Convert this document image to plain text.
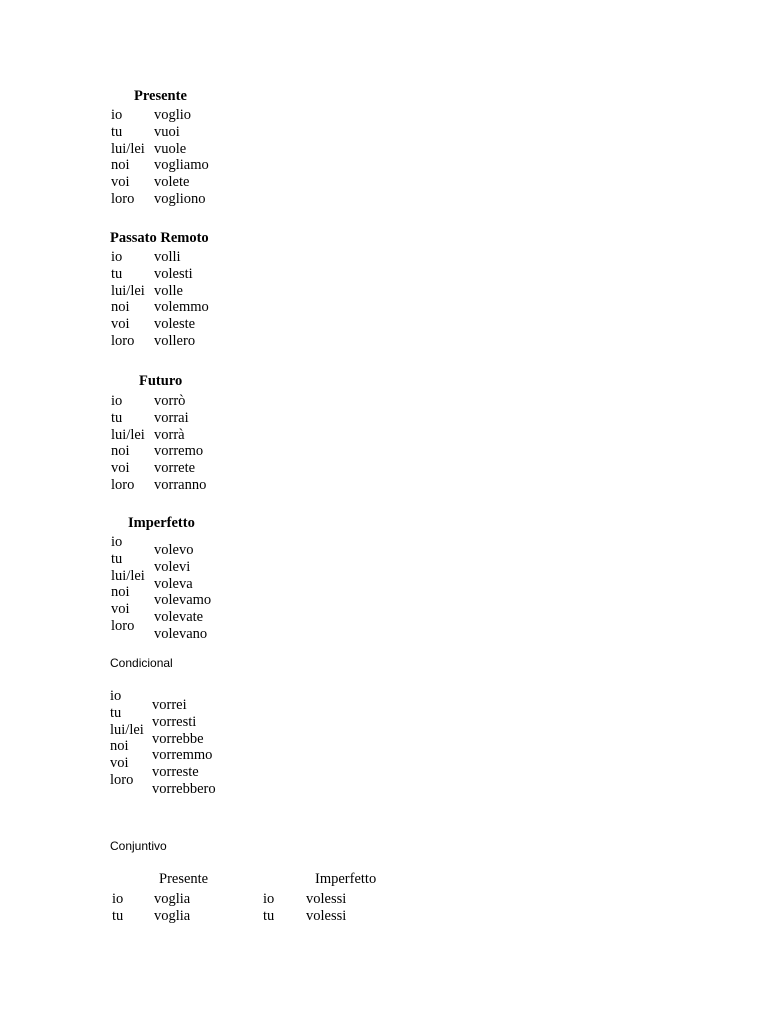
Presente
io
tu
lui/lei
noi
voi
loro
voglio
vuoi
vuole
vogliamo
volete
vogliono
Passato Remoto
io
tu
lui/lei
noi
voi
loro
volli
volesti
volle
volemmo
voleste
vollero
Futuro
io
tu
lui/lei
noi
voi
loro
vorrò
vorrai
vorrà
vorremo
vorrete
vorranno
Imperfetto
io
tu
lui/lei
noi
voi
loro
volevo
volevi
voleva
volevamo
volevate
volevano
Condicional
io
tu
lui/lei
noi
voi
loro
vorrei
vorresti
vorrebbe
vorremmo
vorreste
vorrebbero
Conjuntivo
Presente	Imperfetto
io
tu
voglia
voglia
io
tu
volessi
volessi
